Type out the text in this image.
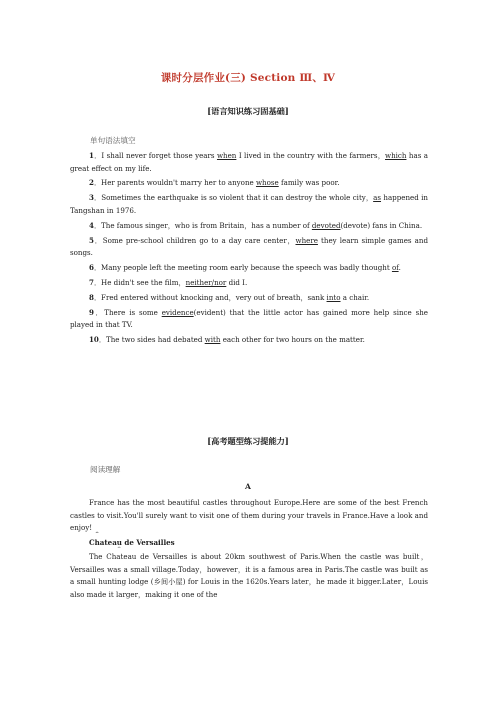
课时分层作业(三) Section Ⅲ、Ⅳ
[语言知识练习固基础]
单句语法填空

1．I shall never forget those years when I lived in the country with the farmers，which has a great effect on my life.

2．Her parents wouldn't marry her to anyone whose family was poor.

3．Sometimes the earthquake is so violent that it can destroy the whole city，as happened in Tangshan in 1976.

4．The famous singer，who is from Britain，has a number of devoted(devote) fans in China.

5．Some pre-school children go to a day care center，where they learn simple games and songs.

6．Many people left the meeting room early because the speech was badly thought of.

7．He didn't see the film，neither/nor did I.

8．Fred entered without knocking and，very out of breath，sank into a chair.

9．There is some evidence(evident) that the little actor has gained more help since she played in that TV.

10．The two sides had debated with each other for two hours on the matter.

[高考题型练习提能力]
阅读理解
A

France has the most beautiful castles throughout Europe.Here are some of the best French castles to visit.You'll surely want to visit one of them during your travels in France.Have a look and enjoy!

^
Chateau de Versailles
^

The Chateau de Versailles is about 20km southwest of Paris.When the castle was built，Versailles was a small village.Today，however，it is a famous area in Paris.The castle was built as a small hunting lodge (乡间小屋) for Louis in the 1620s.Years later，he made it bigger.Later，Louis also made it larger，making it one of the
